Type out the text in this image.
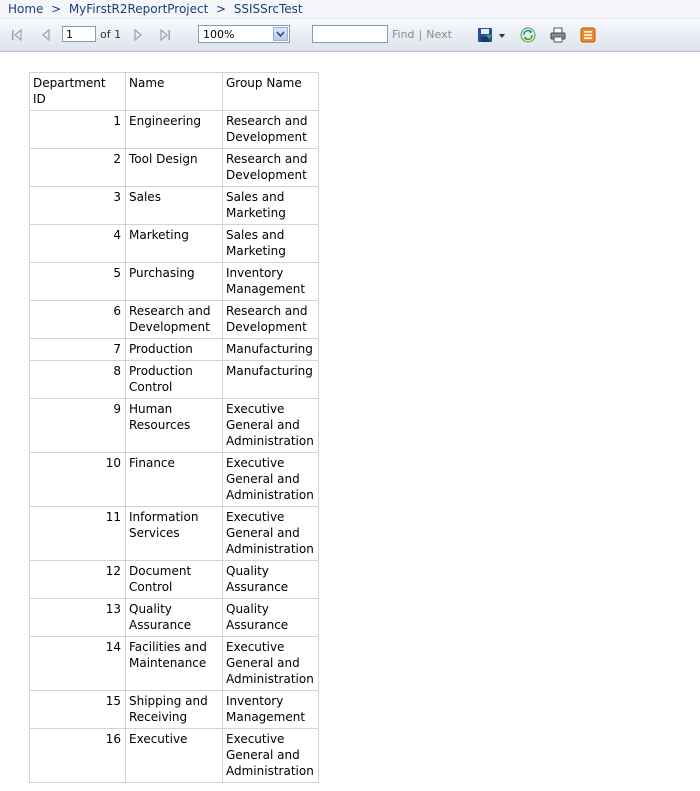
Home > MyFirstR2ReportProject > SSISSrcTest
1
of 1	100%	Find | Next
Department ID	Name	Group Name
1	Engineering	Research and Development
2	Tool Design	Research and Development
3	Sales	Sales and Marketing
4	Marketing	Sales and Marketing
5	Purchasing	Inventory Management
6	Research and Development	Research and Development
7	Production	Manufacturing
8	Production Control	Manufacturing
9	Human Resources	Executive General and Administration
10	Finance	Executive General and Administration
11	Information Services	Executive General and Administration
12	Document Control	Quality Assurance
13	Quality Assurance	Quality Assurance
14	Facilities and Maintenance	Executive General and Administration
15	Shipping and Receiving	Inventory Management
16	Executive	Executive General and Administration
